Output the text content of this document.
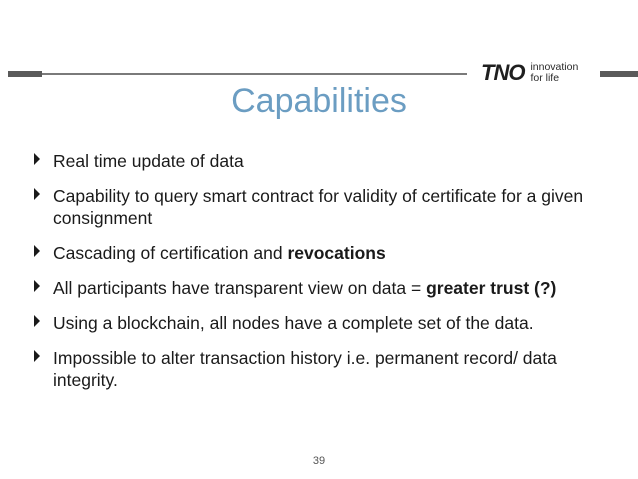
TNO innovation
for life
Capabilities
Real time update of data
Capability to query smart contract for validity of certificate for a given consignment
Cascading of certification and revocations
All participants have transparent view on data = greater trust (?)
Using a blockchain, all nodes have a complete set of the data.
Impossible to alter transaction history i.e. permanent record/ data integrity.
39
